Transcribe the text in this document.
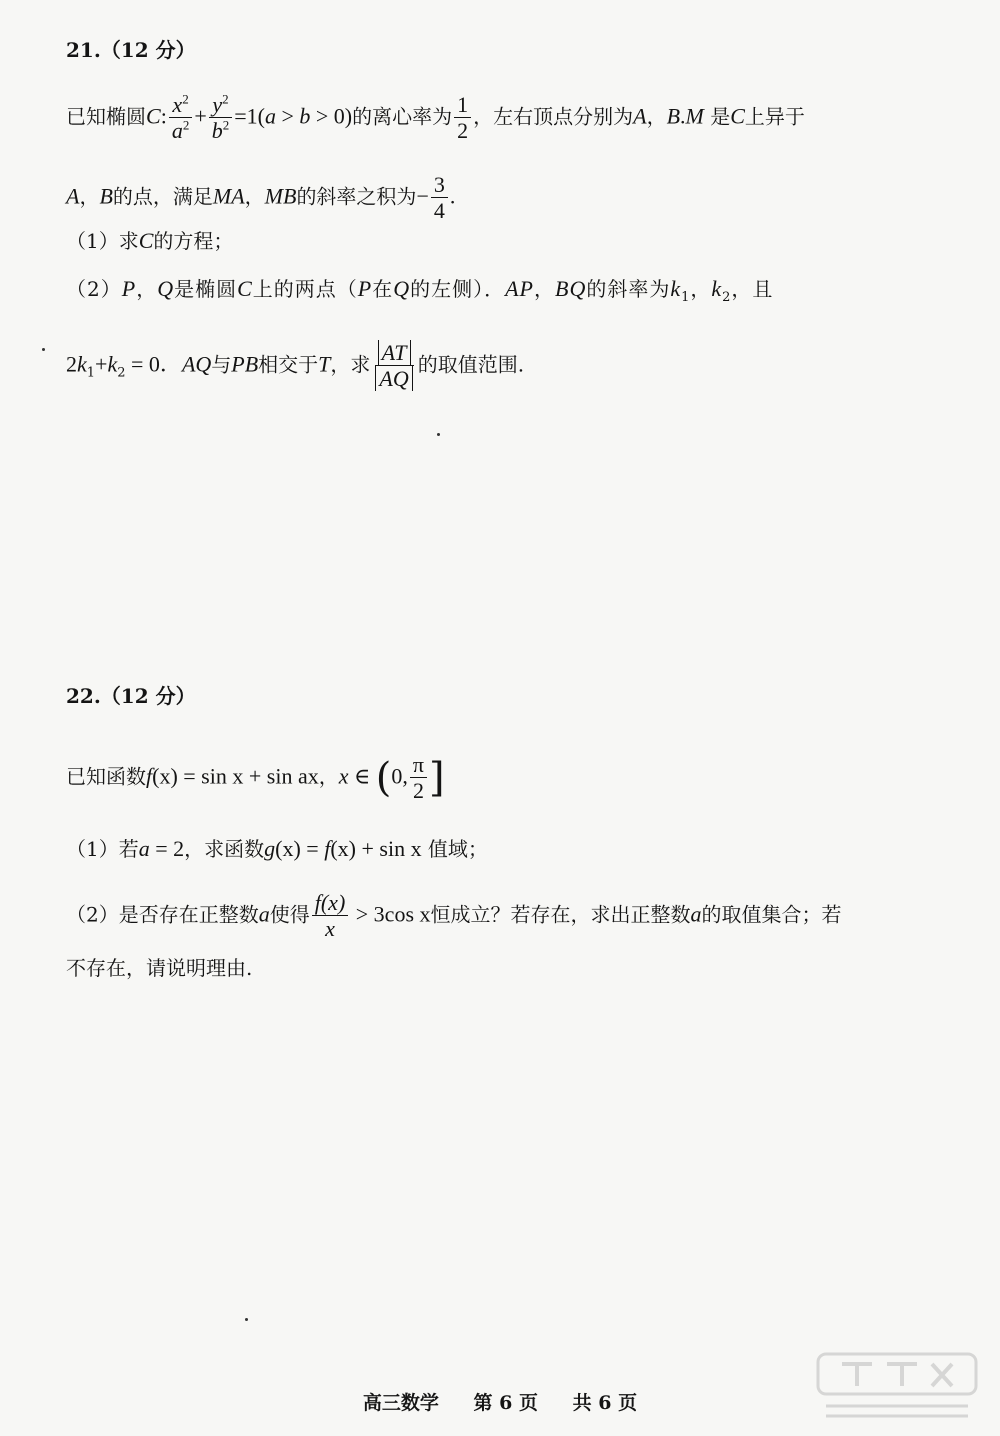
21.（12 分）
已知椭圆C: $\frac{x^2}{a^2} + \frac{y^2}{b^2} =1(a > b > 0)$的离心率为 $\frac{1}{2}$ ，左右顶点分别为A，B.M 是C上异于
A，B的点，满足MA，MB的斜率之积为− $\frac{3}{4}$ .
（1）求C的方程；
（2）P，Q是椭圆C上的两点（P在Q的左侧）．AP，BQ的斜率为$k_1$，$k_2$，且
$2k_1+k_2 = 0$．AQ与PB相交于T，求 $\frac{AT}{AQ}$ 的取值范围.
22.（12 分）
已知函数f(x) = sin x + sin ax，x ∈ (0, $\frac{\pi}{2}$ ]
（1）若a = 2，求函数g(x) = f(x) + sin x 值域；
（2）是否存在正整数a使得 $\frac{f(x)}{x} > 3\cos$ x恒成立？若存在，求出正整数a的取值集合；若
不存在，请说明理由.
高三数学 第 6 页 共 6 页
